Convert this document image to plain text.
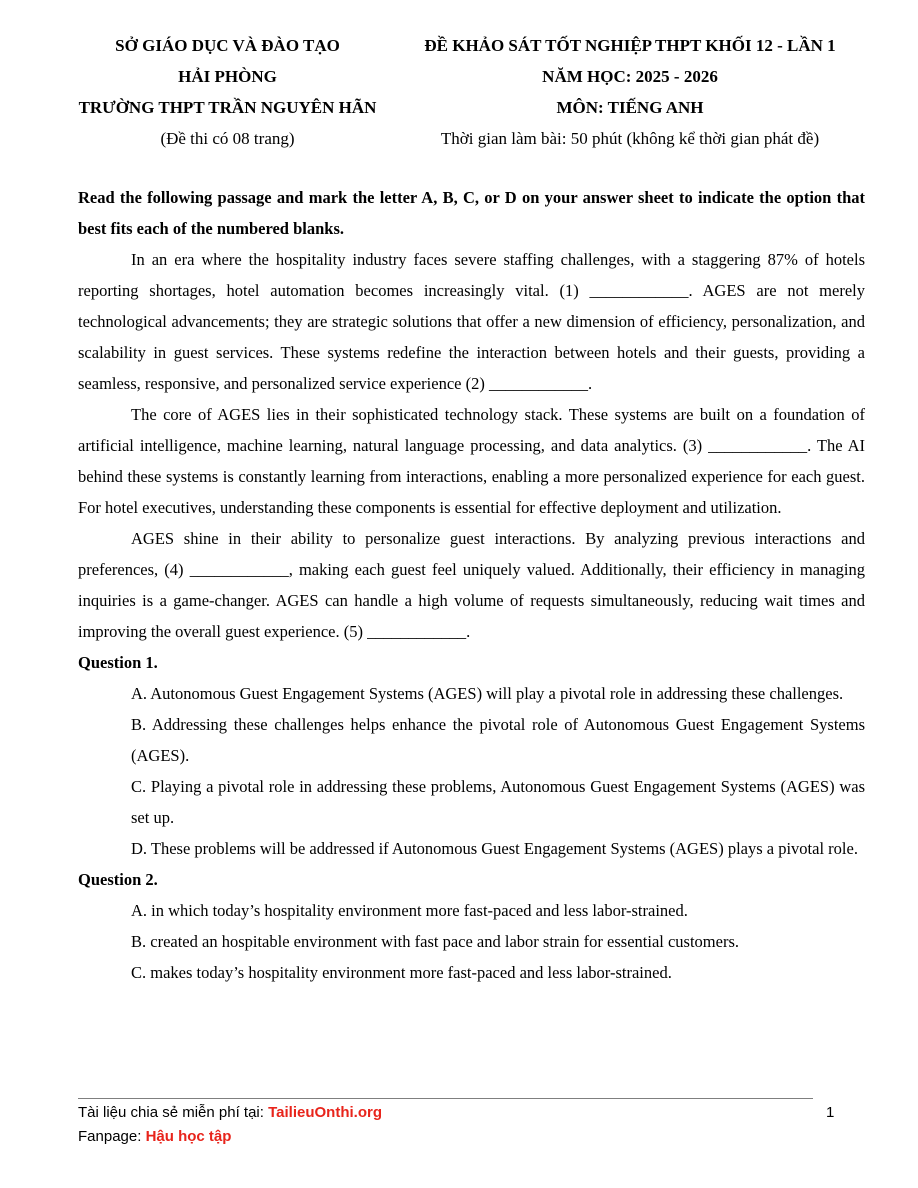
SỞ GIÁO DỤC VÀ ĐÀO TẠO
HẢI PHÒNG
TRƯỜNG THPT TRẦN NGUYÊN HÃN
(Đề thi có 08 trang)
ĐỀ KHẢO SÁT TỐT NGHIỆP THPT KHỐI 12 - LẦN 1
NĂM HỌC: 2025 - 2026
MÔN: TIẾNG ANH
Thời gian làm bài: 50 phút (không kể thời gian phát đề)

Read the following passage and mark the letter A, B, C, or D on your answer sheet to indicate the option that best fits each of the numbered blanks.

In an era where the hospitality industry faces severe staffing challenges, with a staggering 87% of hotels reporting shortages, hotel automation becomes increasingly vital. (1) ____________. AGES are not merely technological advancements; they are strategic solutions that offer a new dimension of efficiency, personalization, and scalability in guest services. These systems redefine the interaction between hotels and their guests, providing a seamless, responsive, and personalized service experience (2) ____________.

The core of AGES lies in their sophisticated technology stack. These systems are built on a foundation of artificial intelligence, machine learning, natural language processing, and data analytics. (3) ____________. The AI behind these systems is constantly learning from interactions, enabling a more personalized experience for each guest. For hotel executives, understanding these components is essential for effective deployment and utilization.

AGES shine in their ability to personalize guest interactions. By analyzing previous interactions and preferences, (4) ____________, making each guest feel uniquely valued. Additionally, their efficiency in managing inquiries is a game-changer. AGES can handle a high volume of requests simultaneously, reducing wait times and improving the overall guest experience. (5) ____________.

Question 1.

A. Autonomous Guest Engagement Systems (AGES) will play a pivotal role in addressing these challenges.

B. Addressing these challenges helps enhance the pivotal role of Autonomous Guest Engagement Systems (AGES).

C. Playing a pivotal role in addressing these problems, Autonomous Guest Engagement Systems (AGES) was set up.

D. These problems will be addressed if Autonomous Guest Engagement Systems (AGES) plays a pivotal role.

Question 2.

A. in which today’s hospitality environment more fast-paced and less labor-strained.

B. created an hospitable environment with fast pace and labor strain for essential customers.

C. makes today’s hospitality environment more fast-paced and less labor-strained.

Tài liệu chia sẻ miễn phí tại: TailieuOnthi.org
Fanpage: Hậu học tập
1
